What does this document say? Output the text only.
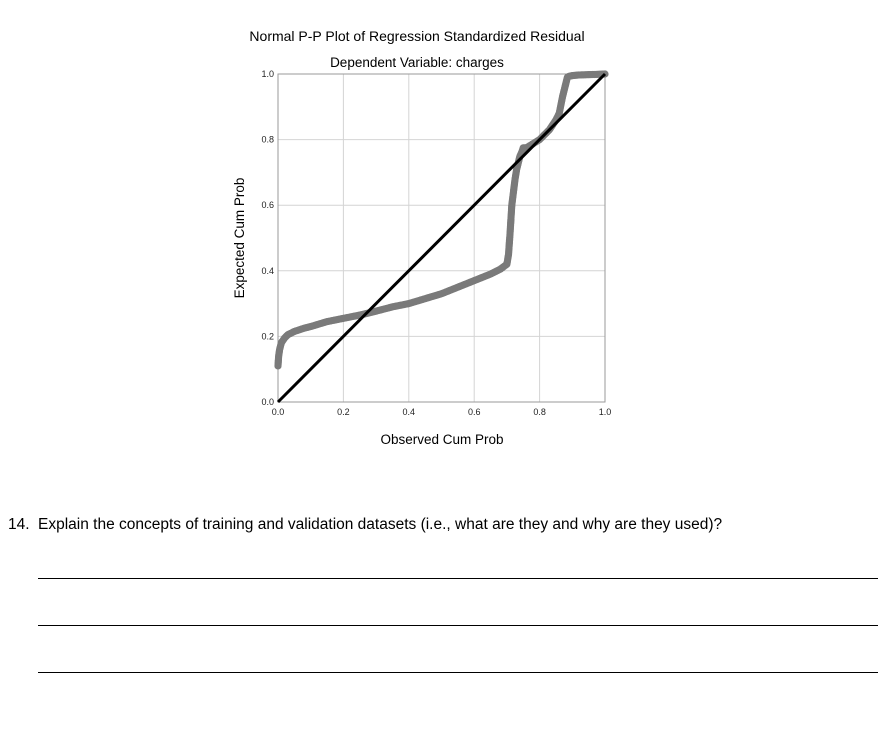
Normal P-P Plot of Regression Standardized Residual
Dependent Variable: charges
0.0	0.2	0.4	0.6	0.8	1.0
0.0
0.2
0.4
0.6
0.8
1.0
Observed Cum Prob
Expected Cum Prob
14. Explain the concepts of training and validation datasets (i.e., what are they and why are they used)?
